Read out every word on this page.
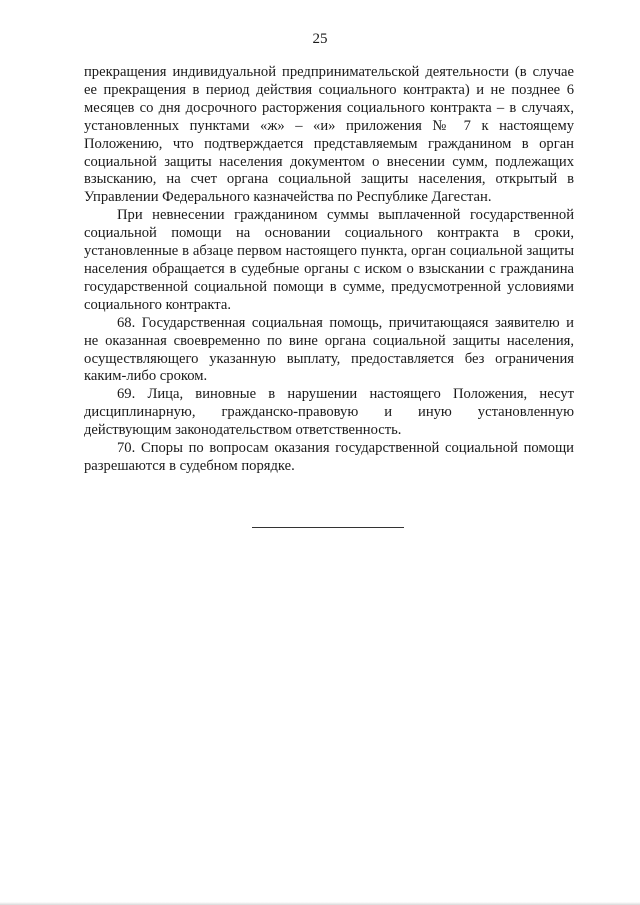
25

прекращения индивидуальной предпринимательской деятельности (в случае ее прекращения в период действия социального контракта) и не позднее 6 месяцев со дня досрочного расторжения социального контракта – в случаях, установленных пунктами «ж» – «и» приложения № 7 к настоящему Положению, что подтверждается представляемым гражданином в орган социальной защиты населения документом о внесении сумм, подлежащих взысканию, на счет органа социальной защиты населения, открытый в Управлении Федерального казначейства по Республике Дагестан.

При невнесении гражданином суммы выплаченной государственной социальной помощи на основании социального контракта в сроки, установленные в абзаце первом настоящего пункта, орган социальной защиты населения обращается в судебные органы с иском о взыскании с гражданина государственной социальной помощи в сумме, предусмотренной условиями социального контракта.

68. Государственная социальная помощь, причитающаяся заявителю и не оказанная своевременно по вине органа социальной защиты населения, осуществляющего указанную выплату, предоставляется без ограничения каким-либо сроком.

69. Лица, виновные в нарушении настоящего Положения, несут дисциплинарную, гражданско-правовую и иную установленную действующим законодательством ответственность.

70. Споры по вопросам оказания государственной социальной помощи разрешаются в судебном порядке.
